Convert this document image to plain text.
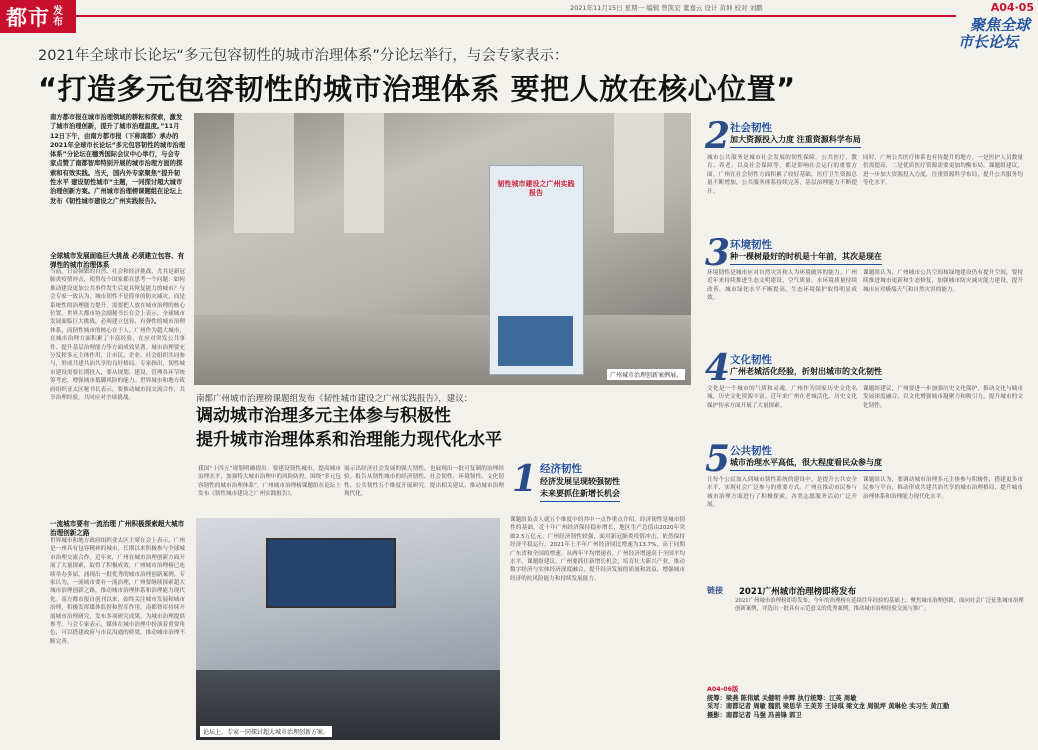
都市 发布
2021年11月15日 星期一 编辑 曾凯宏 董嘉云 设计 黄坤 校对 刘鹏	A04·05
聚焦全球

市长论坛
2021年全球市长论坛“多元包容韧性的城市治理体系”分论坛举行，与会专家表示：
“打造多元包容韧性的城市治理体系 要把人放在核心位置”
南方都市报在城市治理领域的耕耘和探索，激发了城市治理创新，提升了城市治理温度。”11月12日下午，由南方都市报（下称南都）承办的2021年全球市长论坛“多元包容韧性的城市治理体系”分论坛在穗秀国际会议中心举行，与会专家点赞了南都智库特别开展的城市治理方面的探索和有效实践。当天，国内外专家聚焦“提升韧性水平 建设韧性城市”主题，一同探讨超大城市治理创新方案。广州城市治理榜课题组在论坛上发布《韧性城市建设之广州实践报告》。
全球城市发展面临巨大挑战 必须建立包容、有弹性的城市治理体系
当前，日益频繁的自然、社会和经济挑战，尤其是新冠肺炎疫情冲击，使得每个国家都在思考一个问题：如何推动建设更加公共事件发生后更具恢复能力的城市？与会专家一致认为，城市韧性不是简单的防灾减灾，而是系统性的治理能力提升，需要把人放在城市治理的核心位置。世界大都市协会副秘书长在会上表示，全球城市发展面临巨大挑战，必须建立包容、有弹性的城市治理体系，而韧性城市的核心在于人。广州作为超大城市，在城市治理方面积累了丰富经验，在应对突发公共事件、提升基层治理能力等方面成效显著。城市治理要充分发挥多元主体作用，让市民、企业、社会组织共同参与，形成共建共治共享的良好格局。专家指出，韧性城市建设需要长期投入，要从规划、建设、管理各环节统筹考虑，增强城市抵御风险的能力。世界城市和地方政府组织亚太区秘书长表示，要推动城市间交流合作，共享治理经验，共同应对全球挑战。
一流城市要有一流治理 广州积极探索超大城市治理创新之路
世界城市和地方政府组织亚太区主席在会上表示，广州是一座具有包容精神的城市，长期以来积极参与全球城市治理交流合作。近年来，广州在城市治理创新方面开展了大量探索，取得了积极成效。广州城市治理榜已连续举办多届，涌现出一批优秀的城市治理创新案例。专家认为，一流城市要有一流治理，广州要继续探索超大城市治理创新之路，推动城市治理体系和治理能力现代化。南方都市报自创刊以来，始终关注城市发展和城市治理，积极发挥媒体监督和智库作用。南都智库持续开展城市治理研究，发布多项研究成果，为城市治理提供参考。与会专家表示，媒体在城市治理中扮演着重要角色，可以搭建政府与市民沟通的桥梁，推动城市治理不断完善。
韧性城市建设之广州实践报告
广州城市治理创新案例展。
南都广州城市治理榜课题组发布《韧性城市建设之广州实践报告》，建议：
调动城市治理多元主体参与积极性
提升城市治理体系和治理能力现代化水平
我国“十四五”规划明确提出：要建设韧性城市，提高城市治理水平，加强特大城市治理中的风险防控。围绕“多元包容韧性的城市治理体系”，广州城市治理榜课题组在论坛上发布《韧性城市建设之广州实践报告》。
展示出经济社会发展的强大韧性，也展现出一批可复制的治理经验。报告从韧性城市的经济韧性、社会韧性、环境韧性、文化韧性、公共韧性五个维度开展研究，提出相关建议，推动城市治理现代化。
论坛上，专家一同探讨超大城市治理创新方案。
1 经济韧性
经济发展呈现较强韧性
未来要抓住新增长机会
课题组负责人就五个维度中的其中一点作重点介绍。经济韧性是城市韧性的基础。近十年广州经济保持稳步增长，地区生产总值由2020年突破2.5万亿元。广州经济韧性较强，面对新冠肺炎疫情冲击，依然保持经济平稳运行。2021年上半年广州经济同比增速为13.7%，高于同期广东省和全国的增速。从两年平均增速看，广州经济增速高于全国平均水平。课题组建议，广州要抓住新增长机会，培育壮大新兴产业，推动数字经济与实体经济深度融合，提升经济发展的质量和效益，增强城市经济的抗风险能力和持续发展能力。
2 社会韧性
加大资源投入力度 注重资源科学布局
城市公共服务是城市社会发展的韧性保障。公共医疗、教育、养老，以及社会保障等，都是影响社会运行的重要方面。广州在社会韧性方面积累了较好基础，医疗卫生资源总量不断增加，公共服务体系持续完善，基层治理能力不断提升。
同时，广州公共医疗体系也有待提升的地方。一是医护人员数量仍需提高，二是优质医疗资源需要更加均衡布局。课题组建议，进一步加大资源投入力度，注重资源科学布局，提升公共服务均等化水平。
3 环境韧性
种一棵树最好的时机是十年前，其次是现在
环境韧性是城市应对自然灾害和人为环境破坏的能力。广州近年来持续推进生态文明建设，空气质量、水环境质量持续改善，城市绿化水平不断提高，生态环境保护取得明显成效。
课题组认为，广州城市公共空间和绿地建设仍有提升空间，要持续推进城市更新和生态修复，加强城市防灾减灾能力建设，提升城市应对极端天气和自然灾害的能力。
4 文化韧性
广州老城活化经验，折射出城市的文化韧性
文化是一个城市的气质和灵魂。广州作为国家历史文化名城，历史文化资源丰富。近年来广州在老城活化、历史文化保护传承方面开展了大量探索。
课题组建议，广州要进一步加强历史文化保护，推动文化与城市发展深度融合，以文化增强城市凝聚力和吸引力，提升城市的文化韧性。
5 公共韧性
城市治理水平高低，很大程度看民众参与度
让每个公民加入到城市韧性系统的建设中，是提升公共安全水平、实现社会广泛参与的重要方式。广州在推动市民参与城市治理方面进行了积极探索，各类志愿服务活动广泛开展。
课题组认为，要调动城市治理多元主体参与积极性，搭建更多市民参与平台，推动形成共建共治共享的城市治理格局，提升城市治理体系和治理能力现代化水平。
链接 2021广州城市治理榜即将发布
2021广州城市治理榜即将发布。今年的治理榜在延续往年经验的基础上，聚焦城市治理创新，面向社会广泛征集城市治理创新案例，评选出一批具有示范意义的优秀案例，推动城市治理经验交流与推广。
A04-06版
统筹：梁燕 陈伟斌 关健明 申辉 执行统筹：江英 周敏
采写：南都记者 周敏 魏凯 梁思华 王美芳 王诗琪 梁文龙 周锐坪 黄琳伦 实习生 黄江勤
摄影：南都记者 马强 冯善锋 郭卫
